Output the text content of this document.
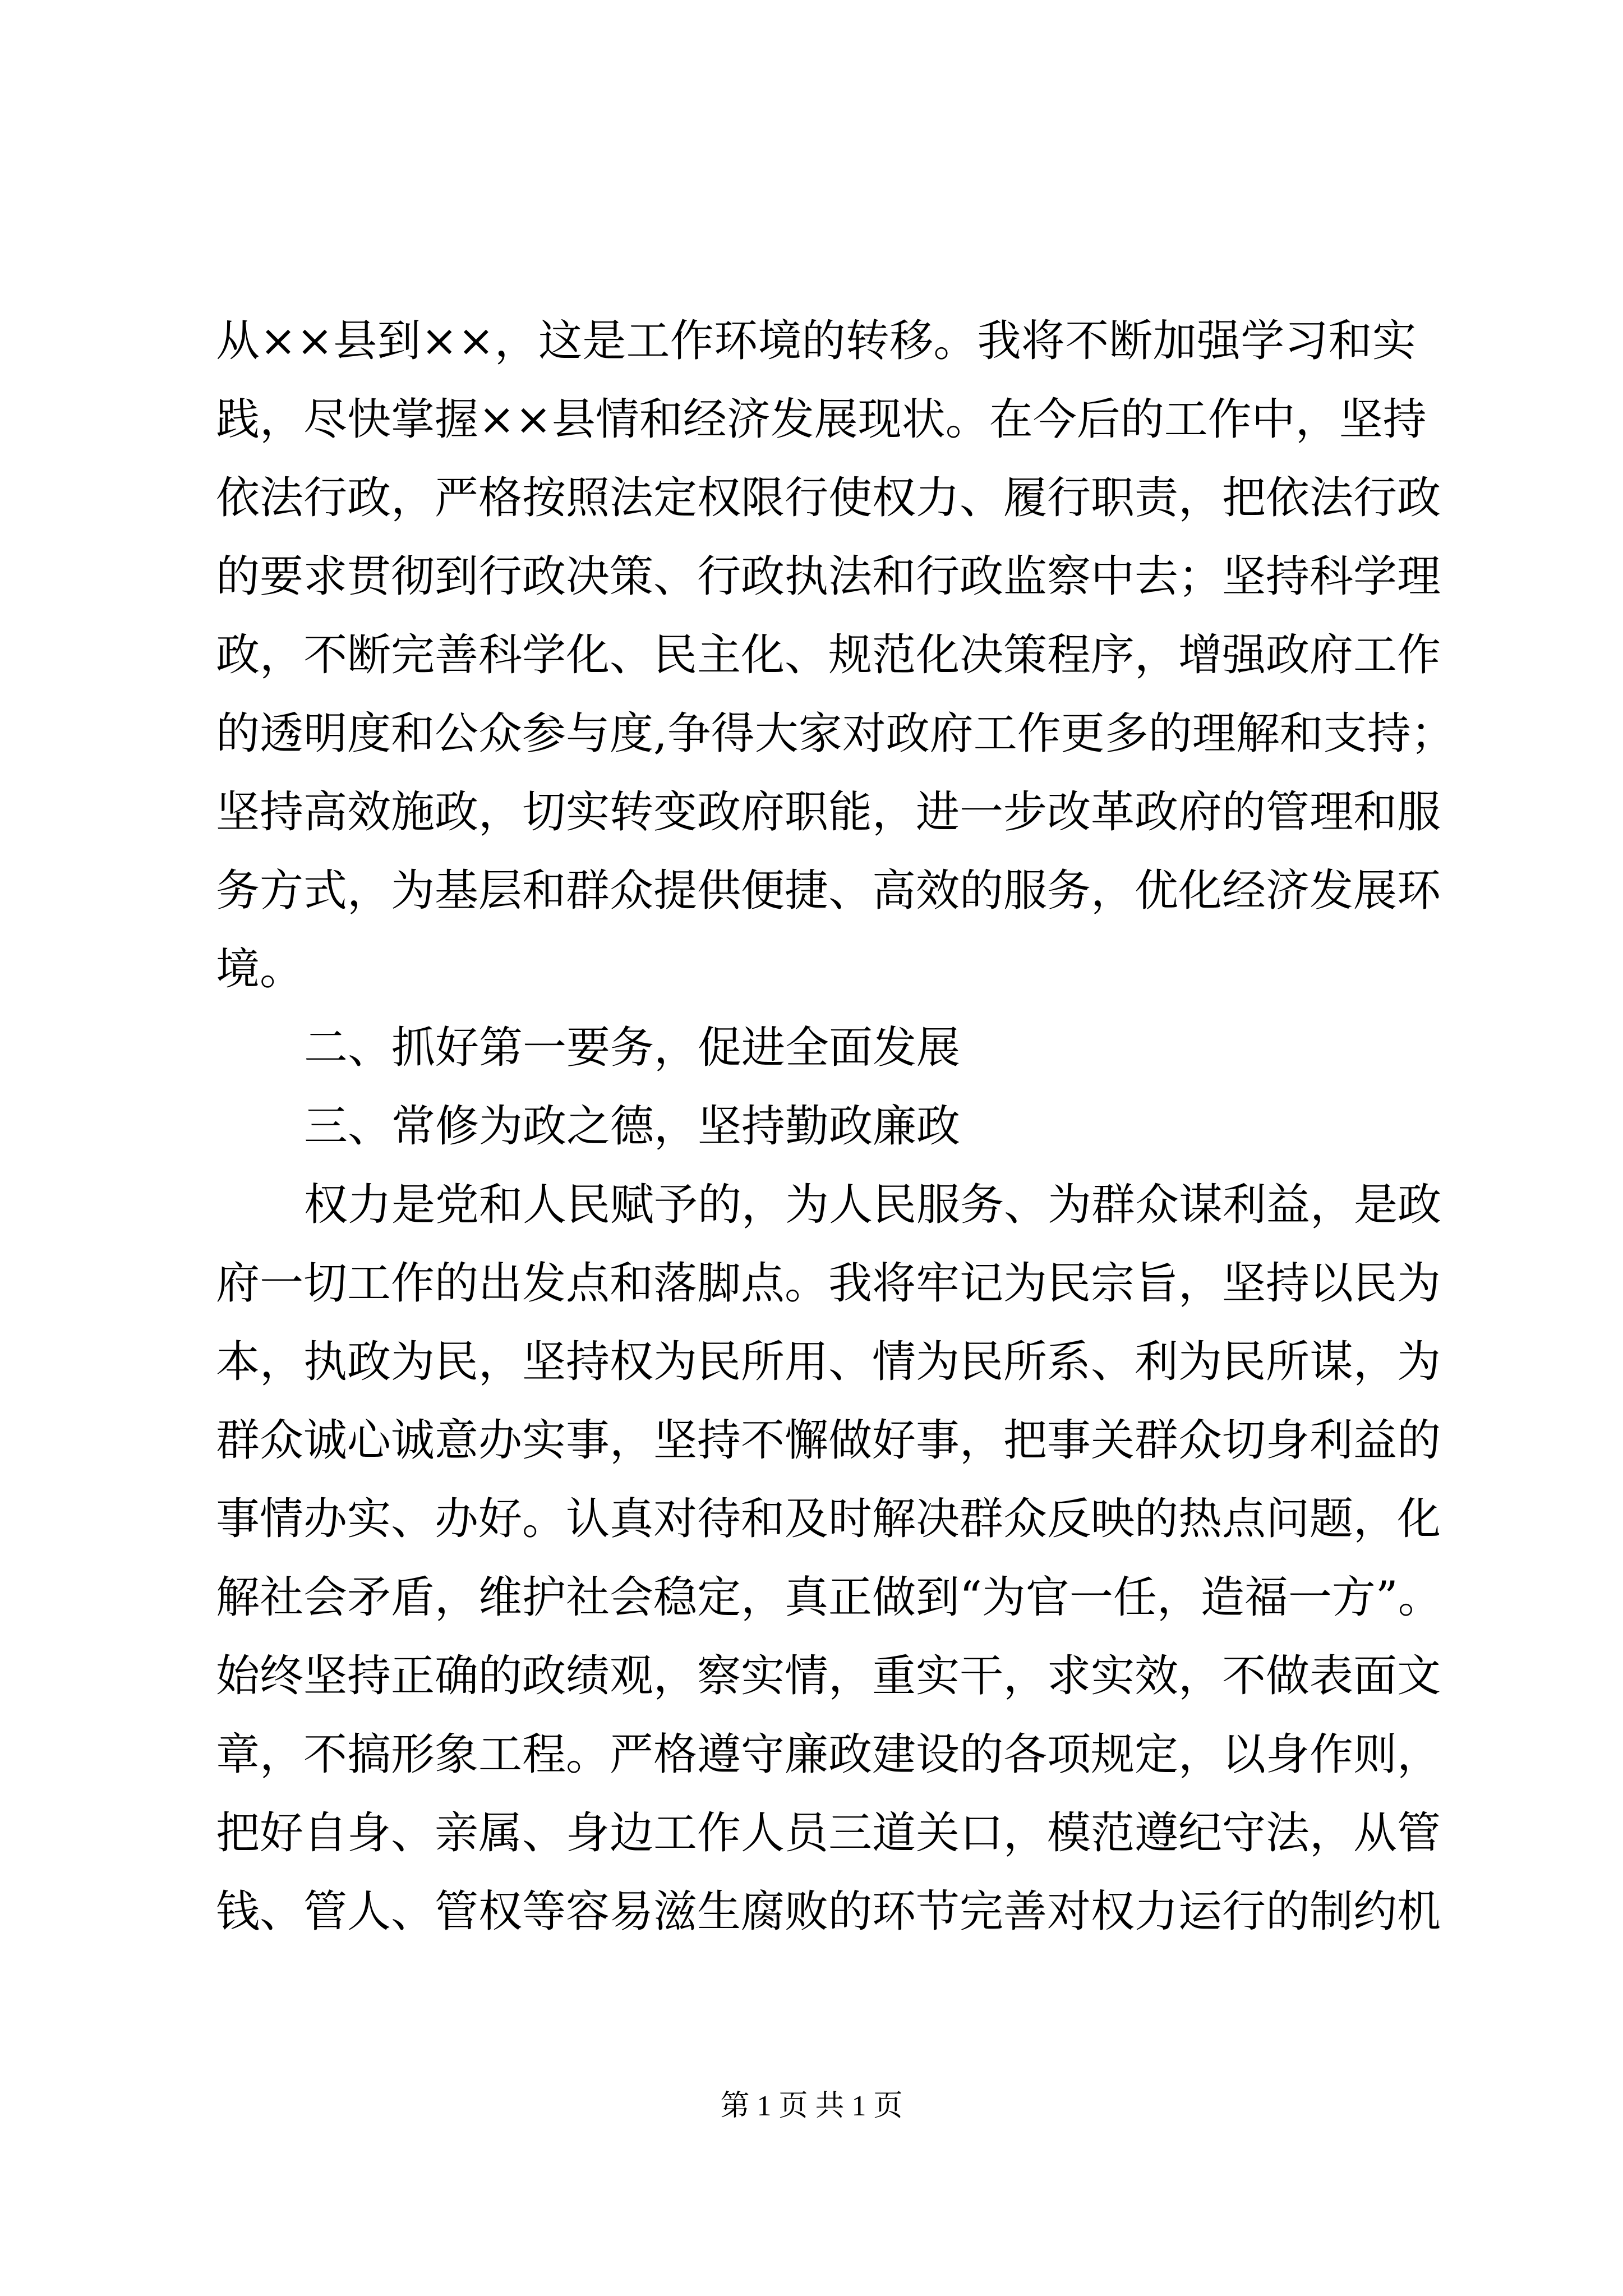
从××县到××，这是工作环境的转移。我将不断加强学习和实
践，尽快掌握××县情和经济发展现状。在今后的工作中，坚持
依法行政，严格按照法定权限行使权力、履行职责，把依法行政
的要求贯彻到行政决策、行政执法和行政监察中去；坚持科学理
政，不断完善科学化、民主化、规范化决策程序，增强政府工作
的透明度和公众参与度,争得大家对政府工作更多的理解和支持；
坚持高效施政，切实转变政府职能，进一步改革政府的管理和服
务方式，为基层和群众提供便捷、高效的服务，优化经济发展环
境。
二、抓好第一要务，促进全面发展
三、常修为政之德，坚持勤政廉政
权力是党和人民赋予的，为人民服务、为群众谋利益，是政
府一切工作的出发点和落脚点。我将牢记为民宗旨，坚持以民为
本，执政为民，坚持权为民所用、情为民所系、利为民所谋，为
群众诚心诚意办实事，坚持不懈做好事，把事关群众切身利益的
事情办实、办好。认真对待和及时解决群众反映的热点问题，化
解社会矛盾，维护社会稳定，真正做到“为官一任，造福一方”。
始终坚持正确的政绩观，察实情，重实干，求实效，不做表面文
章，不搞形象工程。严格遵守廉政建设的各项规定，以身作则，
把好自身、亲属、身边工作人员三道关口，模范遵纪守法，从管
钱、管人、管权等容易滋生腐败的环节完善对权力运行的制约机
第 1 页 共 1 页
